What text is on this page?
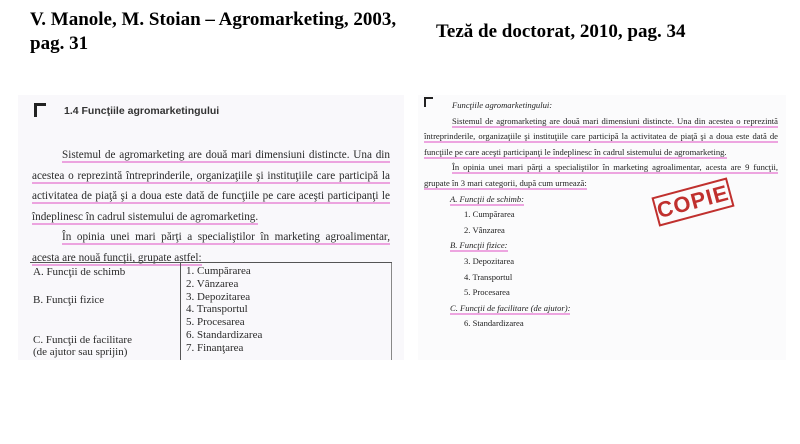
V. Manole, M. Stoian – Agromarketing, 2003, pag. 31
Teză de doctorat, 2010, pag. 34
1.4 Funcţiile agromarketingului

Sistemul de agromarketing are două mari dimensiuni distincte. Una din acestea o reprezintă întreprinderile, organizaţiile şi instituţiile care participă la activitatea de piaţă şi a doua este dată de funcţiile pe care aceşti participanţi le îndeplinesc în cadrul sistemului de agromarketing.

În opinia unei mari părţi a specialiştilor în marketing agroalimentar, acesta are nouă funcţii, grupate astfel:

A. Funcţii de schimb
B. Funcţii fizice
C. Funcţii de facilitare
(de ajutor sau sprijin)
1. Cumpărarea
2. Vânzarea
3. Depozitarea
4. Transportul
5. Procesarea
6. Standardizarea
7. Finanţarea
Funcţiile agromarketingului:
Sistemul de agromarketing are două mari dimensiuni distincte. Una din acestea o reprezintă întreprinderile, organizaţiile şi instituţiile care participă la activitatea de piaţă şi a doua este dată de funcţiile pe care aceşti participanţi le îndeplinesc în cadrul sistemului de agromarketing.
În opinia unei mari părţi a specialiştilor în marketing agroalimentar, acesta are 9 funcţii, grupate în 3 mari categorii, după cum urmează:
A. Funcţii de schimb:
1. Cumpărarea
2. Vânzarea
B. Funcţii fizice:
3. Depozitarea
4. Transportul
5. Procesarea
C. Funcţii de facilitare (de ajutor):
6. Standardizarea
COPIE
